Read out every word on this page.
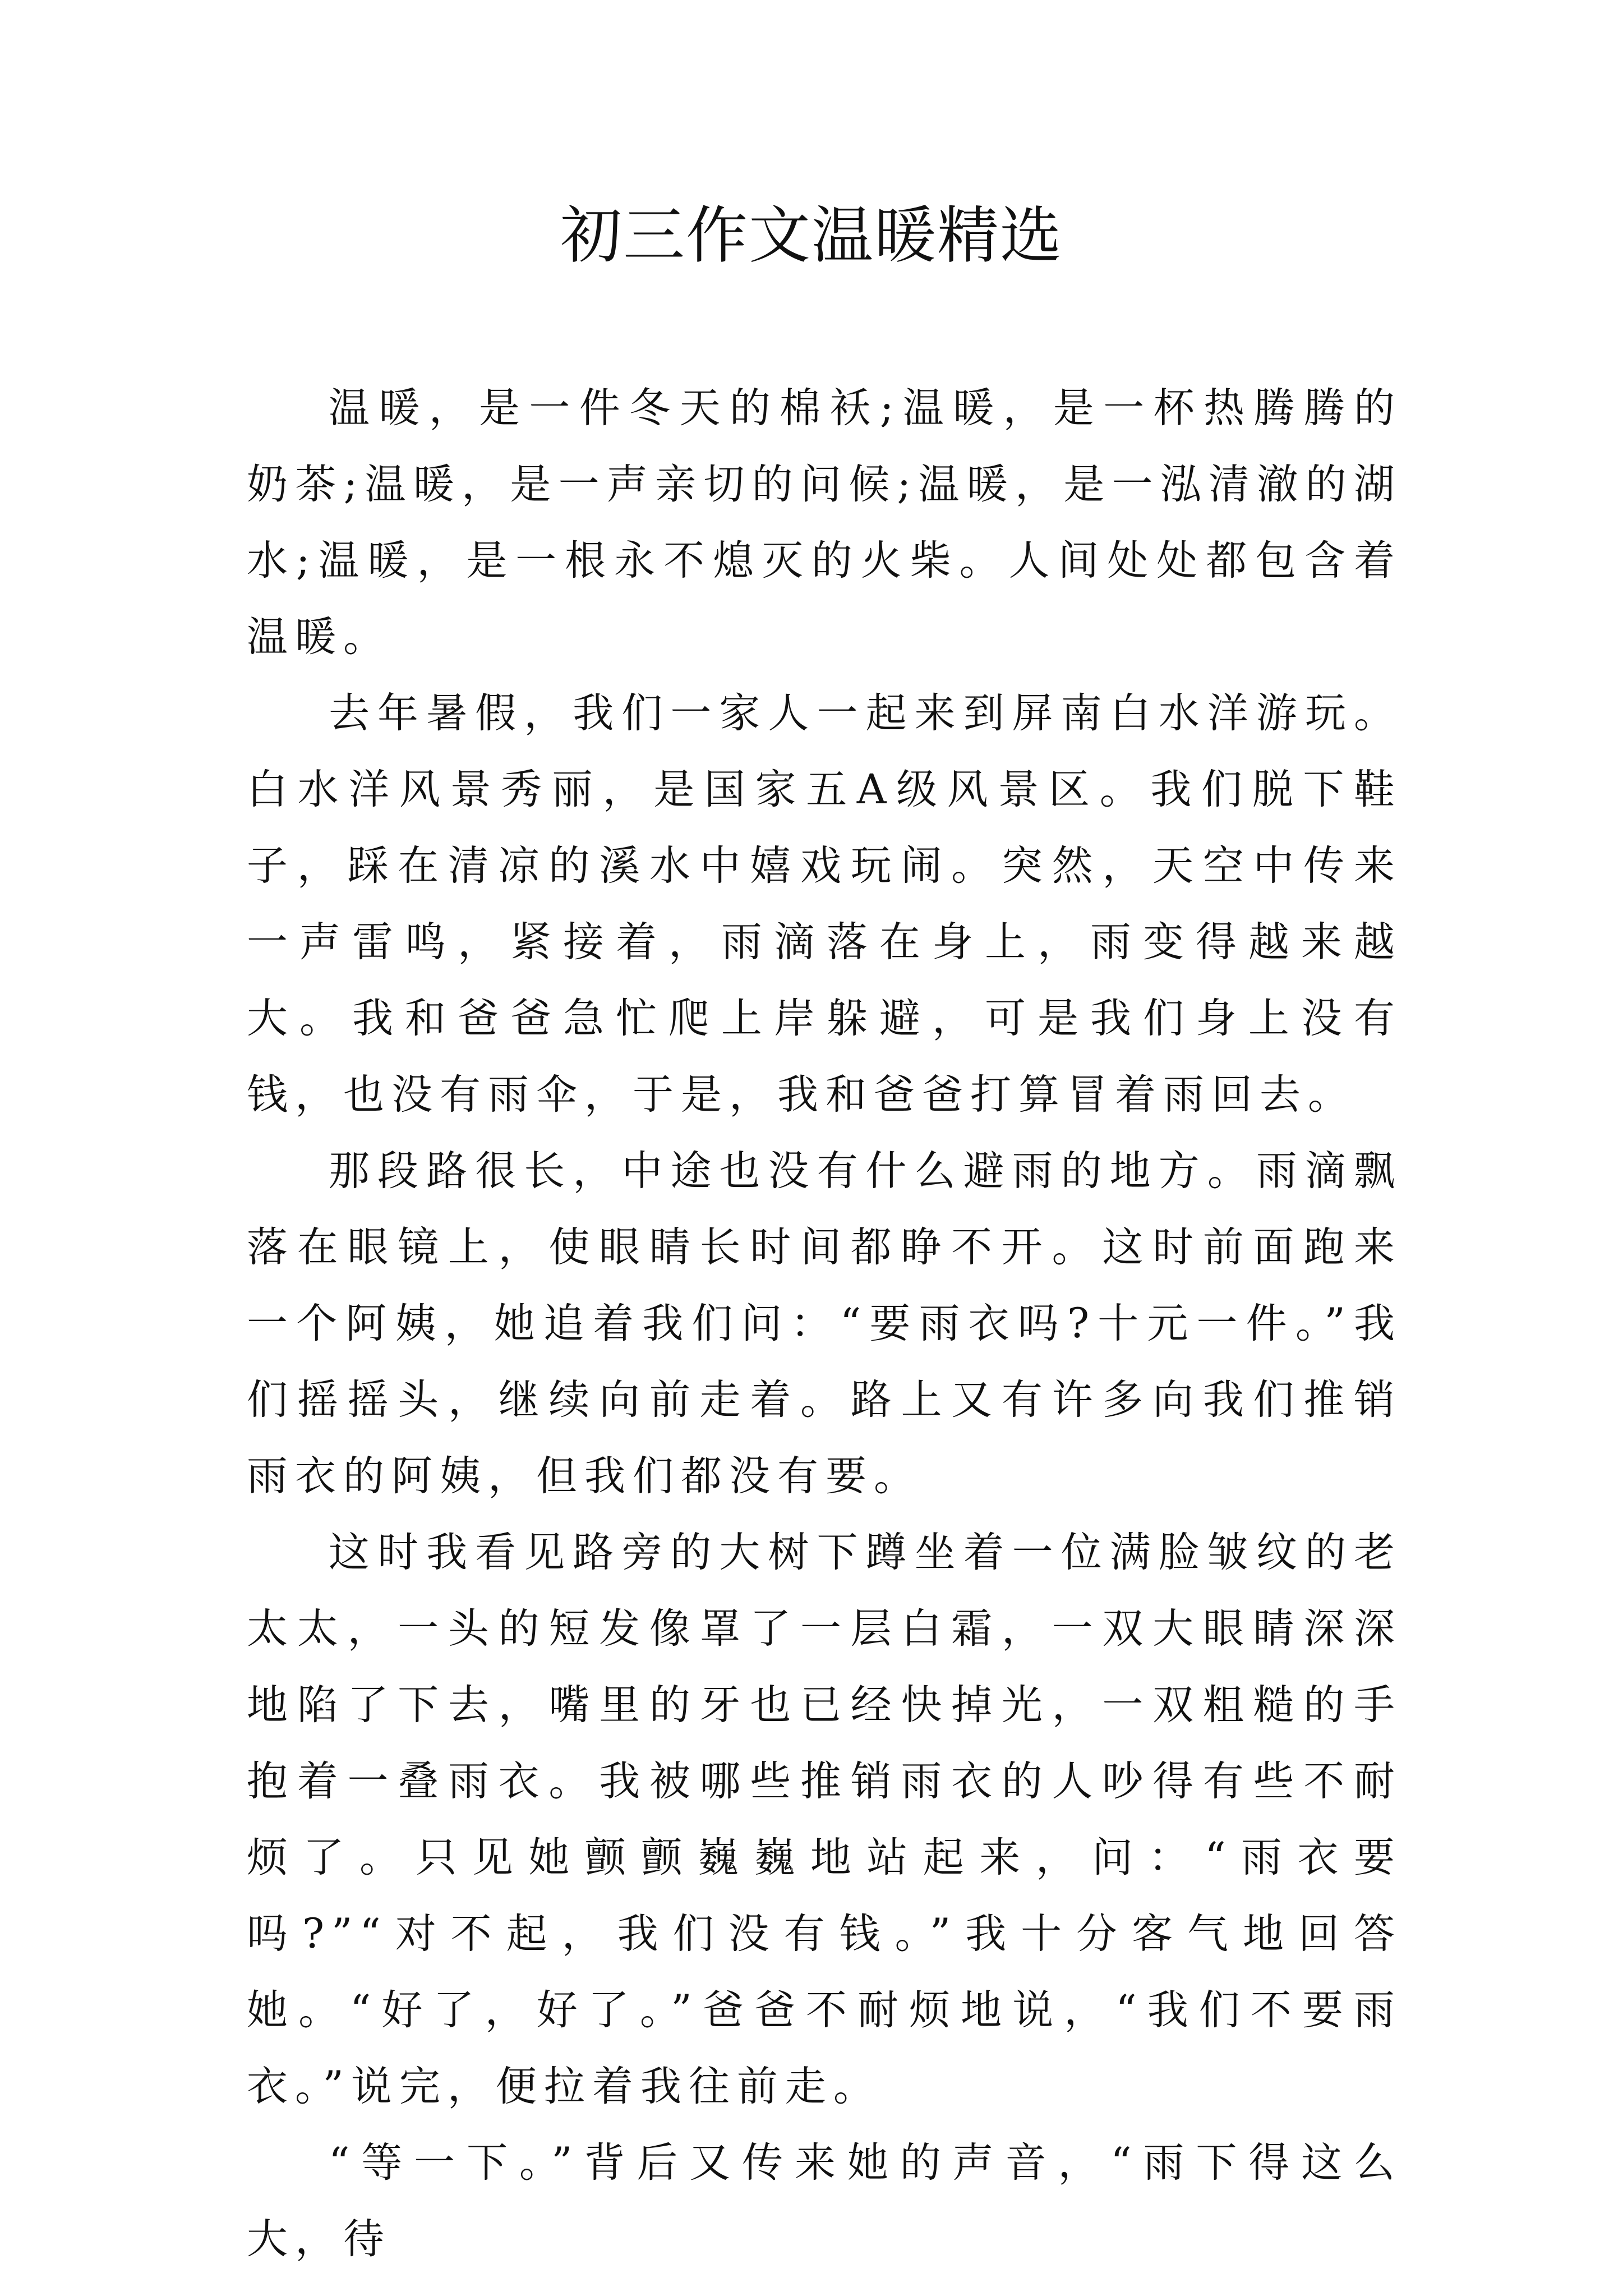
初三作文温暖精选

温暖，是一件冬天的棉袄;温暖，是一杯热腾腾的奶茶;温暖，是一声亲切的问候;温暖，是一泓清澈的湖水;温暖，是一根永不熄灭的火柴。人间处处都包含着温暖。

去年暑假，我们一家人一起来到屏南白水洋游玩。白水洋风景秀丽，是国家五A级风景区。我们脱下鞋子，踩在清凉的溪水中嬉戏玩闹。突然，天空中传来一声雷鸣，紧接着，雨滴落在身上，雨变得越来越大。我和爸爸急忙爬上岸躲避，可是我们身上没有钱，也没有雨伞，于是，我和爸爸打算冒着雨回去。

那段路很长，中途也没有什么避雨的地方。雨滴飘落在眼镜上，使眼睛长时间都睁不开。这时前面跑来一个阿姨，她追着我们问：“要雨衣吗?十元一件。”我们摇摇头，继续向前走着。路上又有许多向我们推销雨衣的阿姨，但我们都没有要。

这时我看见路旁的大树下蹲坐着一位满脸皱纹的老太太，一头的短发像罩了一层白霜，一双大眼睛深深地陷了下去，嘴里的牙也已经快掉光，一双粗糙的手抱着一叠雨衣。我被哪些推销雨衣的人吵得有些不耐烦了。只见她颤颤巍巍地站起来，问：“雨衣要吗?”“对不起，我们没有钱。”我十分客气地回答她。“好了，好了。”爸爸不耐烦地说，“我们不要雨衣。”说完，便拉着我往前走。

“等一下。”背后又传来她的声音，“雨下得这么大，待
